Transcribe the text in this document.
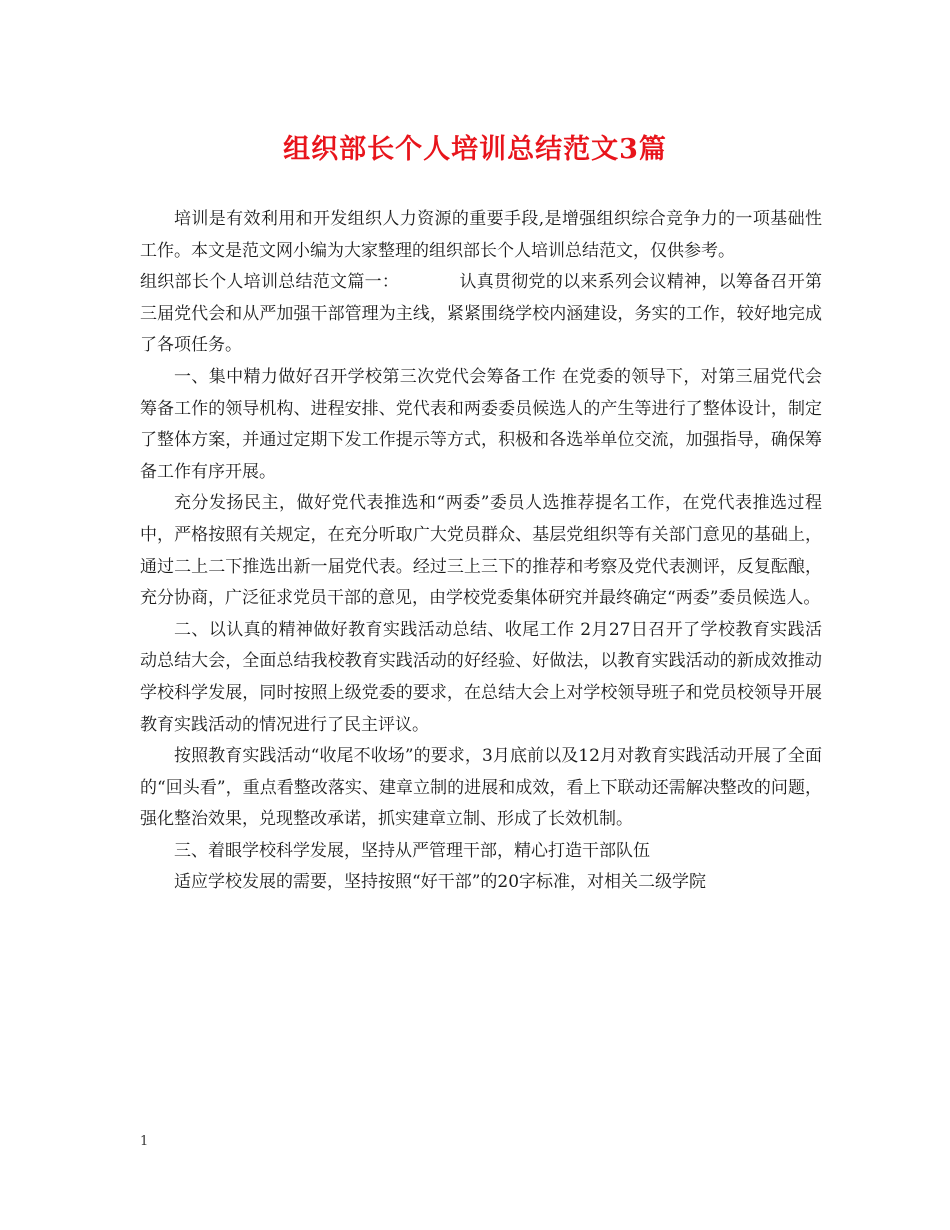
组织部长个人培训总结范文3篇

培训是有效利用和开发组织人力资源的重要手段,是增强组织综合竞争力的一项基础性工作。本文是范文网小编为大家整理的组织部长个人培训总结范文，仅供参考。

组织部长个人培训总结范文篇一：	认真贯彻党的以来系列会议精神，以筹备召开第三届党代会和从严加强干部管理为主线，紧紧围绕学校内涵建设，务实的工作，较好地完成了各项任务。

一、集中精力做好召开学校第三次党代会筹备工作 在党委的领导下，对第三届党代会筹备工作的领导机构、进程安排、党代表和两委委员候选人的产生等进行了整体设计，制定了整体方案，并通过定期下发工作提示等方式，积极和各选举单位交流，加强指导，确保筹备工作有序开展。

充分发扬民主，做好党代表推选和“两委”委员人选推荐提名工作，在党代表推选过程中，严格按照有关规定，在充分听取广大党员群众、基层党组织等有关部门意见的基础上，通过二上二下推选出新一届党代表。经过三上三下的推荐和考察及党代表测评，反复酝酿，充分协商，广泛征求党员干部的意见，由学校党委集体研究并最终确定“两委”委员候选人。

二、以认真的精神做好教育实践活动总结、收尾工作 2月27日召开了学校教育实践活动总结大会，全面总结我校教育实践活动的好经验、好做法，以教育实践活动的新成效推动学校科学发展，同时按照上级党委的要求，在总结大会上对学校领导班子和党员校领导开展教育实践活动的情况进行了民主评议。

按照教育实践活动“收尾不收场”的要求，3月底前以及12月对教育实践活动开展了全面的“回头看”，重点看整改落实、建章立制的进展和成效，看上下联动还需解决整改的问题，强化整治效果，兑现整改承诺，抓实建章立制、形成了长效机制。

三、着眼学校科学发展，坚持从严管理干部，精心打造干部队伍

适应学校发展的需要，坚持按照“好干部”的20字标准，对相关二级学院

1
